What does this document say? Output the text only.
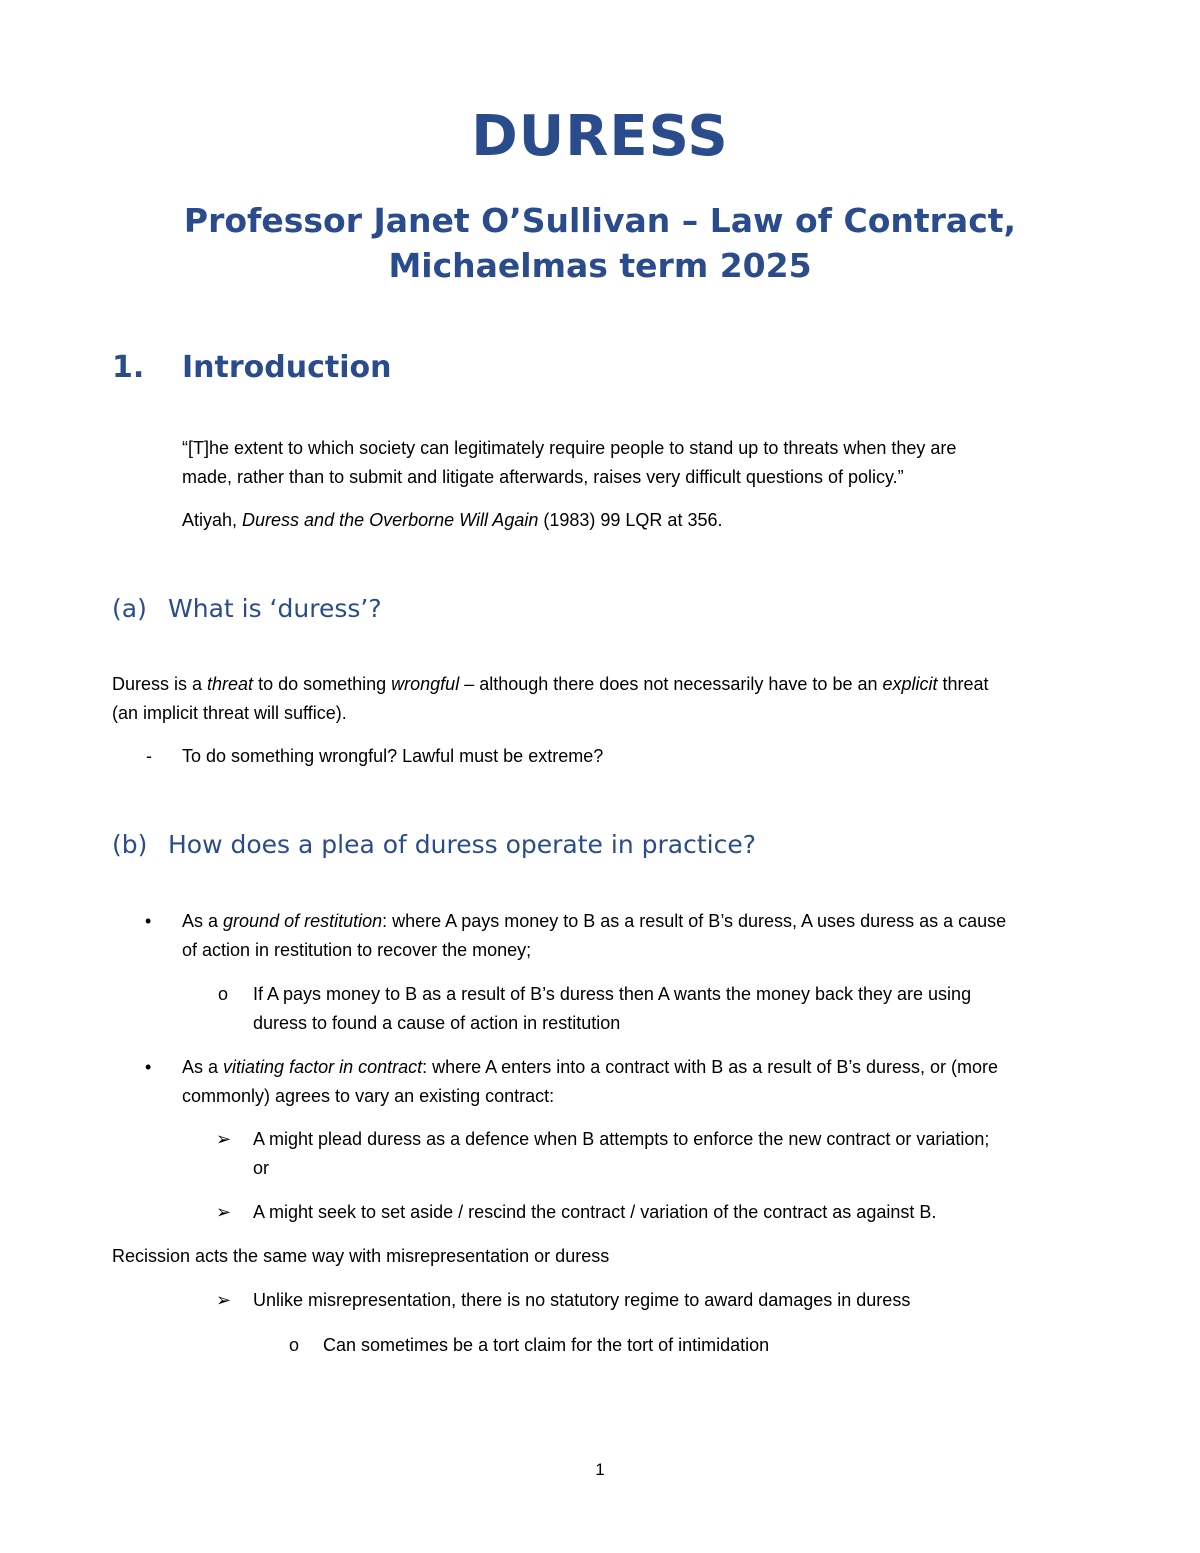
DURESS
Professor Janet O’Sullivan – Law of Contract,
Michaelmas term 2025
1. Introduction
“[T]he extent to which society can legitimately require people to stand up to threats when they are
made, rather than to submit and litigate afterwards, raises very difficult questions of policy.”
Atiyah, Duress and the Overborne Will Again (1983) 99 LQR at 356.
(a) What is ‘duress’?
Duress is a threat to do something wrongful – although there does not necessarily have to be an explicit threat
(an implicit threat will suffice).
- To do something wrongful? Lawful must be extreme?
(b) How does a plea of duress operate in practice?
• As a ground of restitution: where A pays money to B as a result of B’s duress, A uses duress as a cause
of action in restitution to recover the money;
o If A pays money to B as a result of B’s duress then A wants the money back they are using
duress to found a cause of action in restitution
• As a vitiating factor in contract: where A enters into a contract with B as a result of B’s duress, or (more
commonly) agrees to vary an existing contract:
➢ A might plead duress as a defence when B attempts to enforce the new contract or variation;
or
➢ A might seek to set aside / rescind the contract / variation of the contract as against B.
Recission acts the same way with misrepresentation or duress
➢ Unlike misrepresentation, there is no statutory regime to award damages in duress
o Can sometimes be a tort claim for the tort of intimidation
1
